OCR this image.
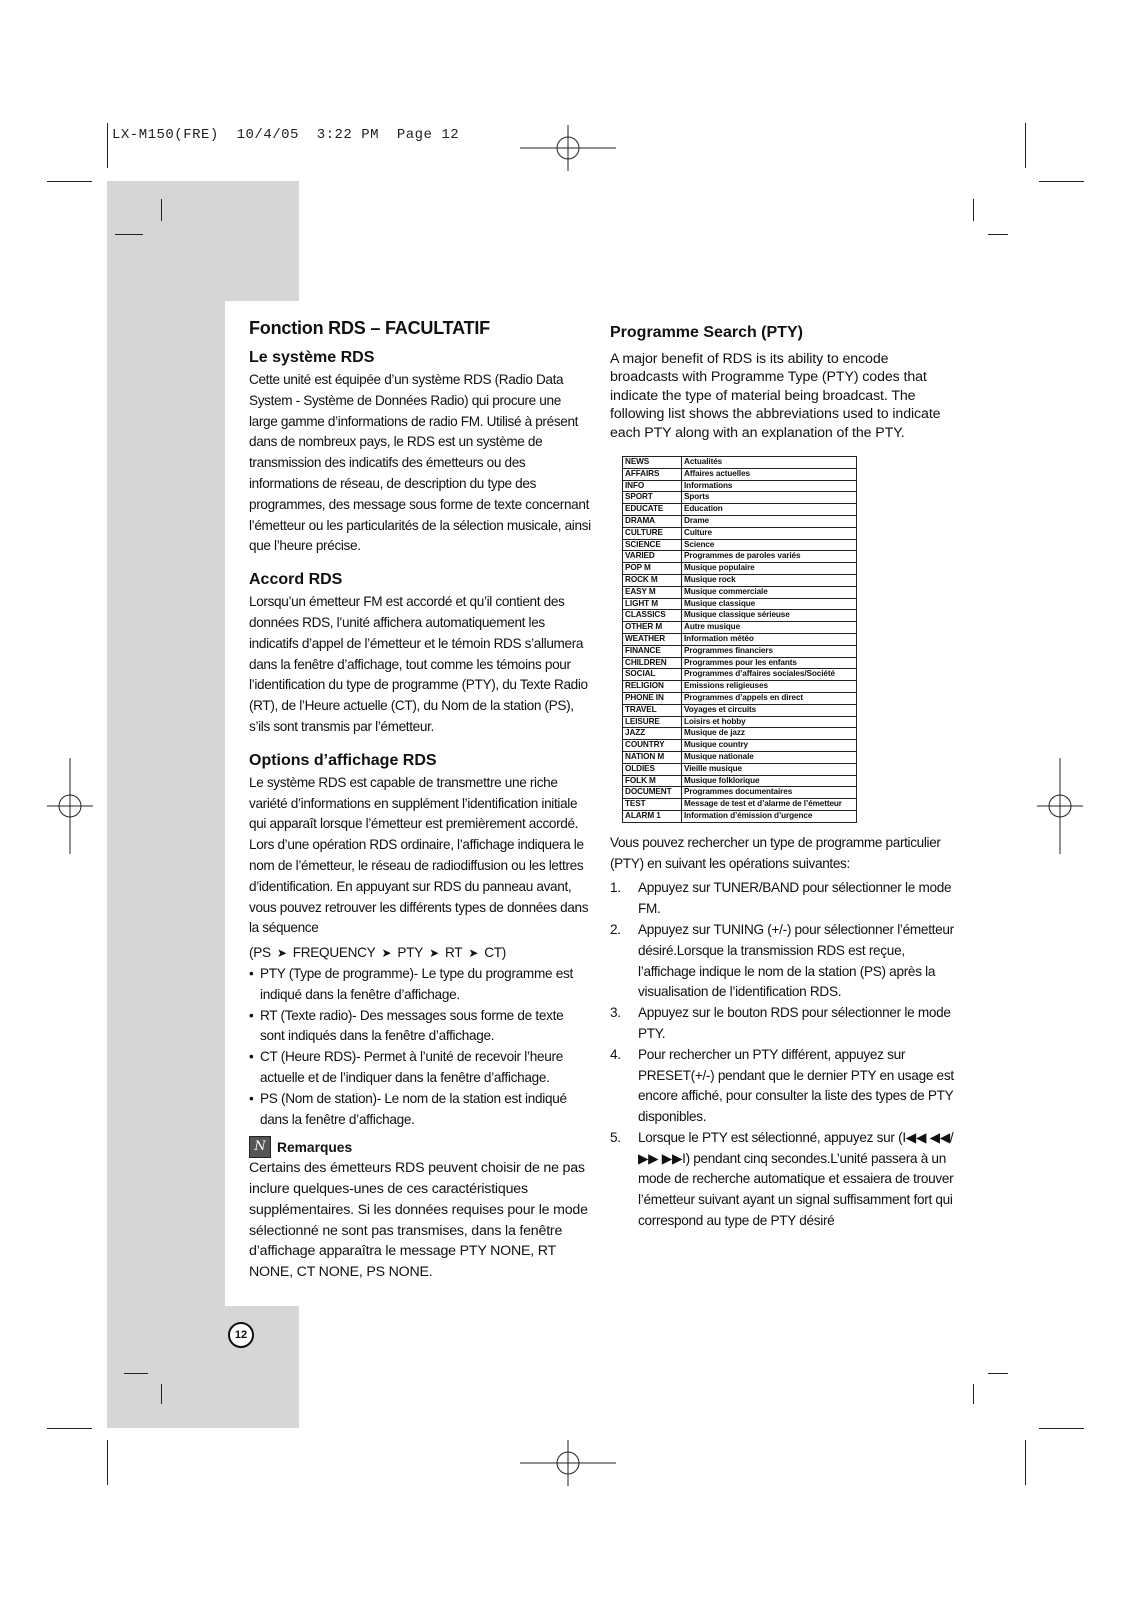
LX-M150(FRE)  10/4/05  3:22 PM  Page 12
Fonction RDS – FACULTATIF
Le système RDS

Cette unité est équipée d’un système RDS (Radio Data System - Système de Données Radio) qui procure une large gamme d’informations de radio FM. Utilisé à présent dans de nombreux pays, le RDS est un système de transmission des indicatifs des émetteurs ou des informations de réseau, de description du type des programmes, des message sous forme de texte concernant l’émetteur ou les particularités de la sélection musicale, ainsi que l’heure précise.

Accord RDS

Lorsqu’un émetteur FM est accordé et qu’il contient des données RDS, l’unité affichera automatiquement les indicatifs d’appel de l’émetteur et le témoin RDS s’allumera dans la fenêtre d’affichage, tout comme les témoins pour l’identification du type de programme (PTY), du Texte Radio (RT), de l’Heure actuelle (CT), du Nom de la station (PS), s’ils sont transmis par l’émetteur.

Options d’affichage RDS

Le système RDS est capable de transmettre une riche variété d’informations en supplément l’identification initiale qui apparaît lorsque l’émetteur est premièrement accordé. Lors d’une opération RDS ordinaire, l’affichage indiquera le nom de l’émetteur, le réseau de radiodiffusion ou les lettres d’identification. En appuyant sur RDS du panneau avant, vous pouvez retrouver les différents types de données dans la séquence

(PS ➤ FREQUENCY ➤ PTY ➤ RT ➤ CT)
• PTY (Type de programme)- Le type du programme est indiqué dans la fenêtre d’affichage.
• RT (Texte radio)- Des messages sous forme de texte sont indiqués dans la fenêtre d’affichage.
• CT (Heure RDS)- Permet à l’unité de recevoir l’heure actuelle et de l’indiquer dans la fenêtre d’affichage.
• PS (Nom de station)- Le nom de la station est indiqué dans la fenêtre d’affichage.
N Remarques

Certains des émetteurs RDS peuvent choisir de ne pas inclure quelques-unes de ces caractéristiques supplémentaires. Si les données requises pour le mode sélectionné ne sont pas transmises, dans la fenêtre d’affichage apparaîtra le message PTY NONE, RT NONE, CT NONE, PS NONE.

Programme Search (PTY)

A major benefit of RDS is its ability to encode broadcasts with Programme Type (PTY) codes that indicate the type of material being broadcast. The following list shows the abbreviations used to indicate each PTY along with an explanation of the PTY.

NEWS	Actualités
AFFAIRS	Affaires actuelles
INFO	Informations
SPORT	Sports
EDUCATE	Education
DRAMA	Drame
CULTURE	Culture
SCIENCE	Science
VARIED	Programmes de paroles variés
POP M	Musique populaire
ROCK M	Musique rock
EASY M	Musique commerciale
LIGHT M	Musique classique
CLASSICS	Musique classique sérieuse
OTHER M	Autre musique
WEATHER	Information météo
FINANCE	Programmes financiers
CHILDREN	Programmes pour les enfants
SOCIAL	Programmes d’affaires sociales/Société
RELIGION	Emissions religieuses
PHONE IN	Programmes d’appels en direct
TRAVEL	Voyages et circuits
LEISURE	Loisirs et hobby
JAZZ	Musique de jazz
COUNTRY	Musique country
NATION M	Musique nationale
OLDIES	Vieille musique
FOLK M	Musique folklorique
DOCUMENT	Programmes documentaires
TEST	Message de test et d’alarme de l’émetteur
ALARM 1	Information d’émission d’urgence

Vous pouvez rechercher un type de programme particulier (PTY) en suivant les opérations suivantes:

1.	Appuyez sur TUNER/BAND pour sélectionner le mode FM.
2.	Appuyez sur TUNING (+/-) pour sélectionner l’émetteur désiré.Lorsque la transmission RDS est reçue, l’affichage indique le nom de la station (PS) après la visualisation de l’identification RDS.
3.	Appuyez sur le bouton RDS pour sélectionner le mode PTY.
4.	Pour rechercher un PTY différent, appuyez sur PRESET(+/-) pendant que le dernier PTY en usage est encore affiché, pour consulter la liste des types de PTY disponibles.
5.	Lorsque le PTY est sélectionné, appuyez sur (I◀◀ ◀◀/▶▶ ▶▶I) pendant cinq secondes.L’unité passera à un mode de recherche automatique et essaiera de trouver l’émetteur suivant ayant un signal suffisamment fort qui correspond au type de PTY désiré
12
